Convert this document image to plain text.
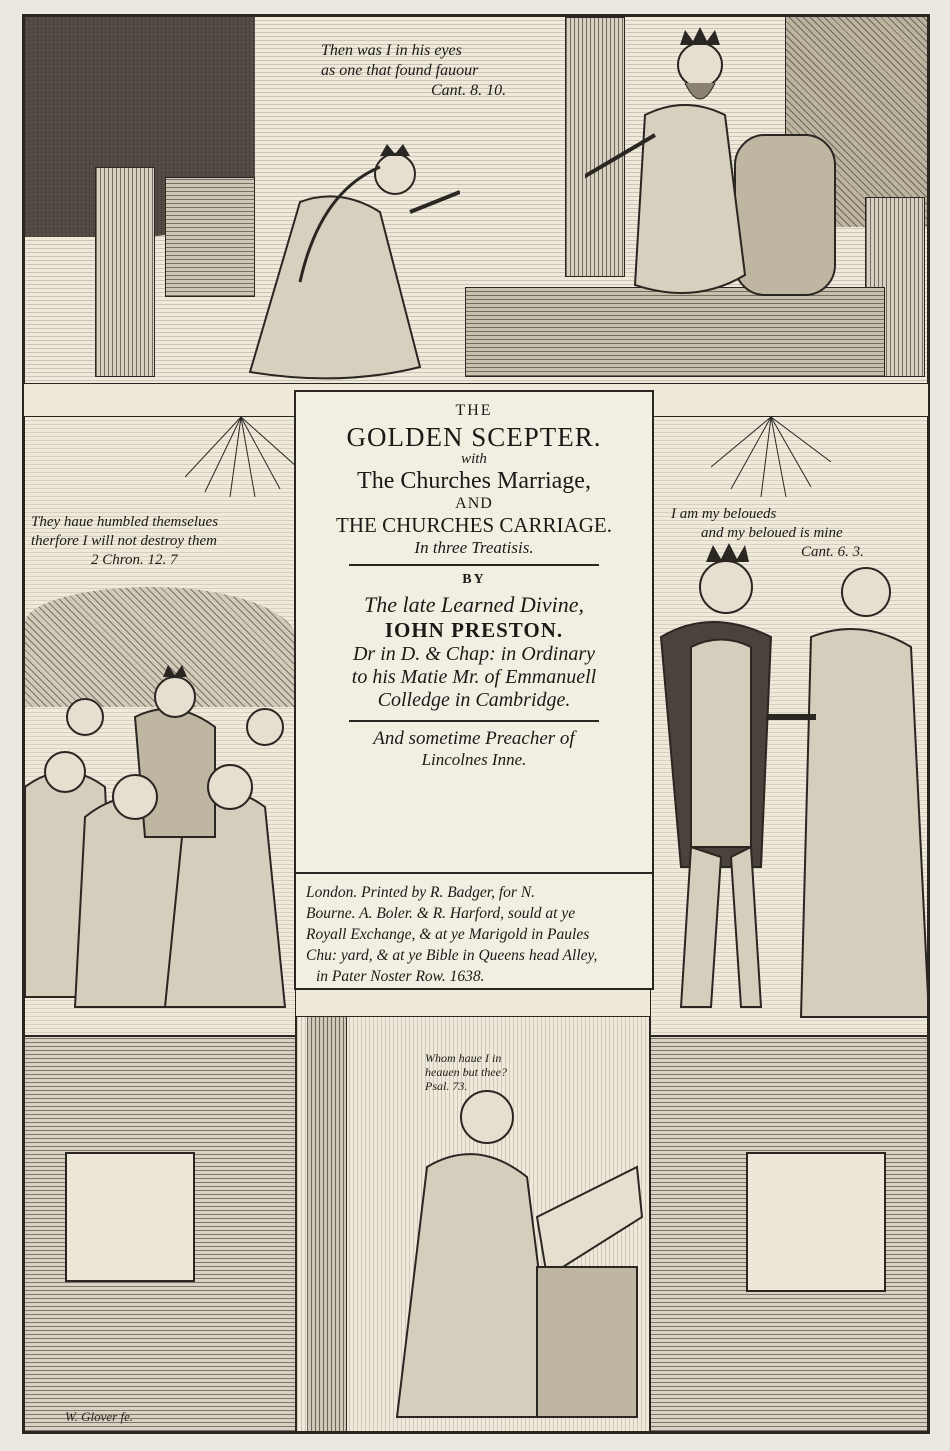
Then was I in his eyes
as one that found fauour
Cant. 8. 10.
They haue humbled themselues
therfore I will not destroy them
2 Chron. 12. 7
I am my beloueds
and my beloued is mine
Cant. 6. 3.
THE
GOLDEN SCEPTER.
with
The Churches Marriage,
AND
THE CHURCHES CARRIAGE.
In three Treatisis.
BY
The late Learned Divine,
IOHN PRESTON.
Dr in D. & Chap: in Ordinary
to his Matie Mr. of Emmanuell
Colledge in Cambridge.
And sometime Preacher of
Lincolnes Inne.
London. Printed by R. Badger, for N.
Bourne. A. Boler. & R. Harford, sould at ye
Royall Exchange, & at ye Marigold in Paules
Chu: yard, & at ye Bible in Queens head Alley,
in Pater Noster Row. 1638.
W. Glover fe.
Whom haue I in
heauen but thee?
Psal. 73.
